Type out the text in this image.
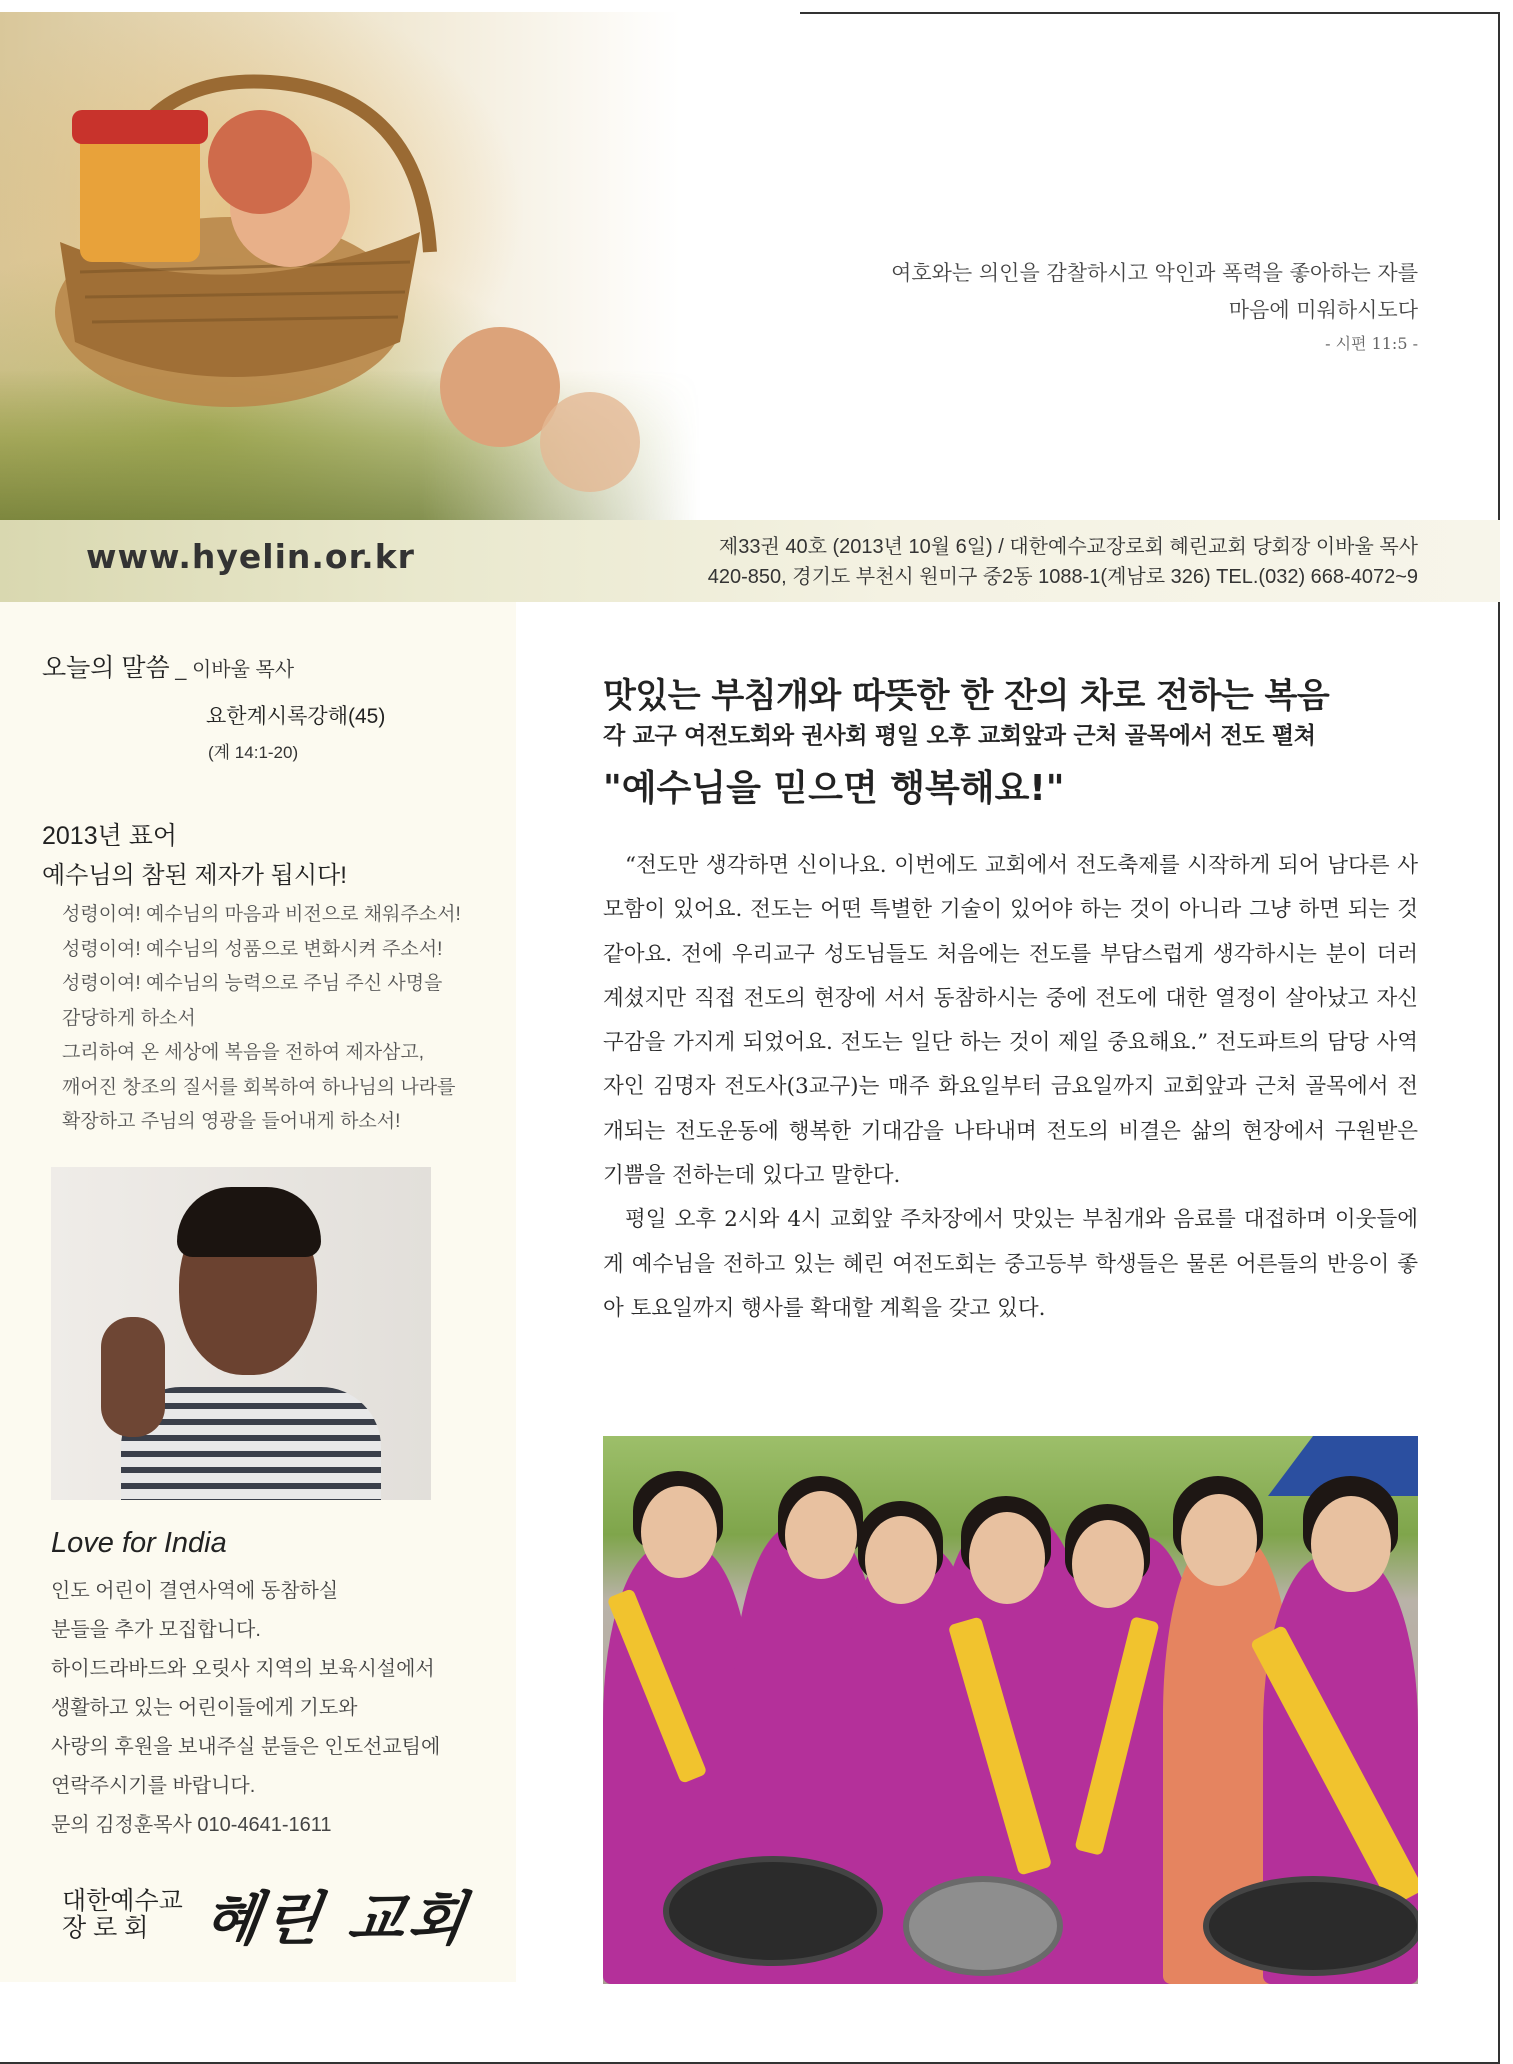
여호와는 의인을 감찰하시고 악인과 폭력을 좋아하는 자를
마음에 미워하시도다
- 시편 11:5 -
www.hyelin.or.kr	제33권 40호 (2013년 10월 6일) / 대한예수교장로회 혜린교회 당회장 이바울 목사
420-850, 경기도 부천시 원미구 중2동 1088-1(계남로 326) TEL.(032) 668-4072~9
오늘의 말씀 _ 이바울 목사
요한계시록강해(45)
(계 14:1-20)
2013년 표어
예수님의 참된 제자가 됩시다!
성령이여! 예수님의 마음과 비전으로 채워주소서!
성령이여! 예수님의 성품으로 변화시켜 주소서!
성령이여! 예수님의 능력으로 주님 주신 사명을
감당하게 하소서
그리하여 온 세상에 복음을 전하여 제자삼고,
깨어진 창조의 질서를 회복하여 하나님의 나라를
확장하고 주님의 영광을 들어내게 하소서!
Love for India
인도 어린이 결연사역에 동참하실
분들을 추가 모집합니다.
하이드라바드와 오릿사 지역의 보육시설에서
생활하고 있는 어린이들에게 기도와
사랑의 후원을 보내주실 분들은 인도선교팀에
연락주시기를 바랍니다.
문의 김정훈목사 010-4641-1611
대한예수교
장 로 회 혜린 교회
맛있는 부침개와 따뜻한 한 잔의 차로 전하는 복음
각 교구 여전도회와 권사회 평일 오후 교회앞과 근처 골목에서 전도 펼쳐
"예수님을 믿으면 행복해요!"

“전도만 생각하면 신이나요. 이번에도 교회에서 전도축제를 시작하게 되어 남다른 사모함이 있어요. 전도는 어떤 특별한 기술이 있어야 하는 것이 아니라 그냥 하면 되는 것 같아요. 전에 우리교구 성도님들도 처음에는 전도를 부담스럽게 생각하시는 분이 더러 계셨지만 직접 전도의 현장에 서서 동참하시는 중에 전도에 대한 열정이 살아났고 자신구감을 가지게 되었어요. 전도는 일단 하는 것이 제일 중요해요.” 전도파트의 담당 사역자인 김명자 전도사(3교구)는 매주 화요일부터 금요일까지 교회앞과 근처 골목에서 전개되는 전도운동에 행복한 기대감을 나타내며 전도의 비결은 삶의 현장에서 구원받은 기쁨을 전하는데 있다고 말한다.

평일 오후 2시와 4시 교회앞 주차장에서 맛있는 부침개와 음료를 대접하며 이웃들에게 예수님을 전하고 있는 혜린 여전도회는 중고등부 학생들은 물론 어른들의 반응이 좋아 토요일까지 행사를 확대할 계획을 갖고 있다.
